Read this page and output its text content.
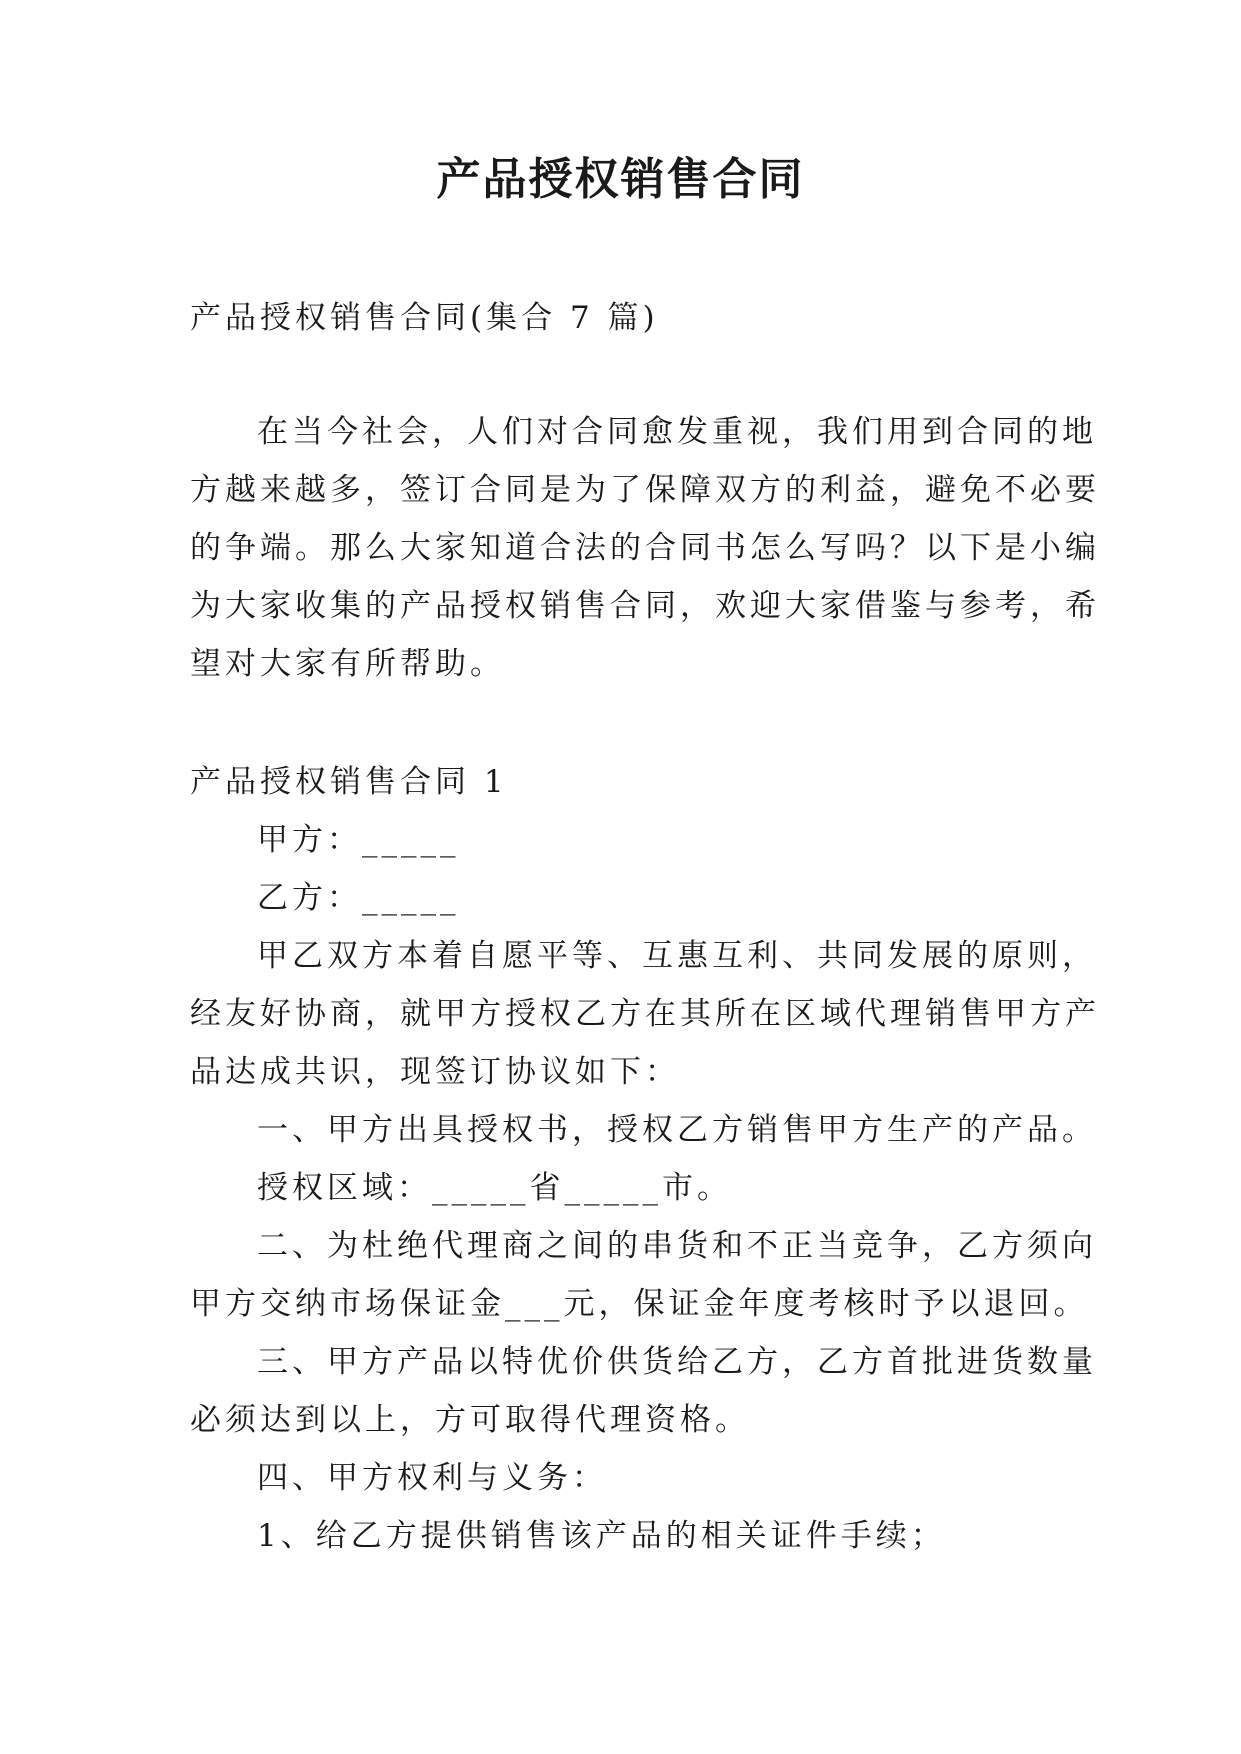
产品授权销售合同

产品授权销售合同(集合 7 篇)

在当今社会，人们对合同愈发重视，我们用到合同的地

方越来越多，签订合同是为了保障双方的利益，避免不必要

的争端。那么大家知道合法的合同书怎么写吗？以下是小编

为大家收集的产品授权销售合同，欢迎大家借鉴与参考，希

望对大家有所帮助。

产品授权销售合同 1

甲方：_____

乙方：_____

甲乙双方本着自愿平等、互惠互利、共同发展的原则，

经友好协商，就甲方授权乙方在其所在区域代理销售甲方产

品达成共识，现签订协议如下：

一、甲方出具授权书，授权乙方销售甲方生产的产品。

授权区域：_____省_____市。

二、为杜绝代理商之间的串货和不正当竞争，乙方须向

甲方交纳市场保证金___元，保证金年度考核时予以退回。

三、甲方产品以特优价供货给乙方，乙方首批进货数量

必须达到以上，方可取得代理资格。

四、甲方权利与义务：

1、给乙方提供销售该产品的相关证件手续；
